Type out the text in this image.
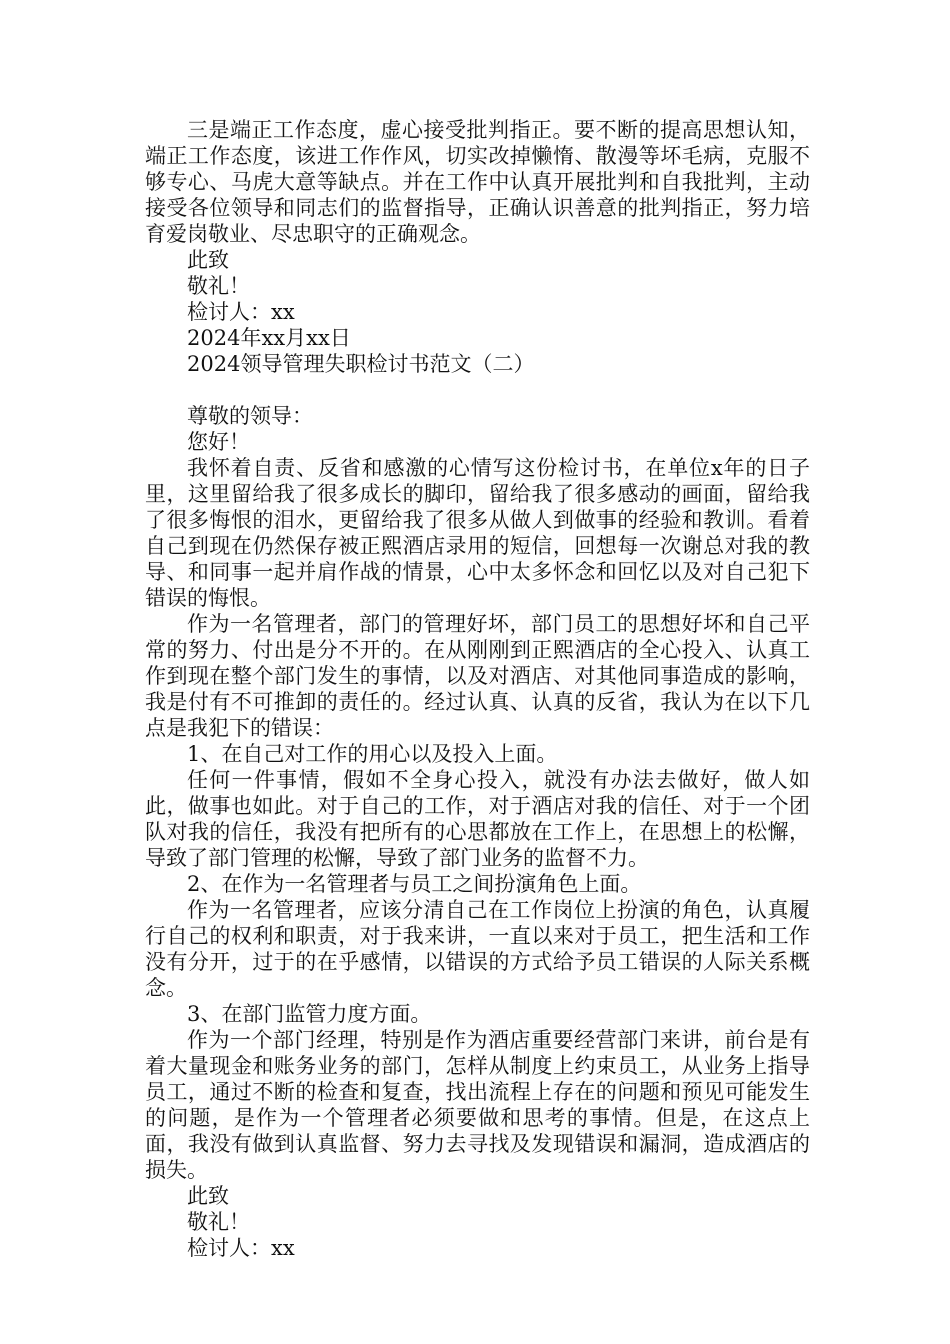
三是端正工作态度，虚心接受批判指正。要不断的提高思想认知，端正工作态度，该进工作作风，切实改掉懒惰、散漫等坏毛病，克服不够专心、马虎大意等缺点。并在工作中认真开展批判和自我批判，主动接受各位领导和同志们的监督指导，正确认识善意的批判指正，努力培育爱岗敬业、尽忠职守的正确观念。

此致

敬礼！

检讨人：xx

2024年xx月xx日

2024领导管理失职检讨书范文（二）

尊敬的领导：

您好！

我怀着自责、反省和感激的心情写这份检讨书，在单位x年的日子里，这里留给我了很多成长的脚印，留给我了很多感动的画面，留给我了很多悔恨的泪水，更留给我了很多从做人到做事的经验和教训。看着自己到现在仍然保存被正熙酒店录用的短信，回想每一次谢总对我的教导、和同事一起并肩作战的情景，心中太多怀念和回忆以及对自己犯下错误的悔恨。

作为一名管理者，部门的管理好坏，部门员工的思想好坏和自己平常的努力、付出是分不开的。在从刚刚到正熙酒店的全心投入、认真工作到现在整个部门发生的事情，以及对酒店、对其他同事造成的影响，我是付有不可推卸的责任的。经过认真、认真的反省，我认为在以下几点是我犯下的错误：

1、在自己对工作的用心以及投入上面。

任何一件事情，假如不全身心投入，就没有办法去做好，做人如此，做事也如此。对于自己的工作，对于酒店对我的信任、对于一个团队对我的信任，我没有把所有的心思都放在工作上，在思想上的松懈，导致了部门管理的松懈，导致了部门业务的监督不力。

2、在作为一名管理者与员工之间扮演角色上面。

作为一名管理者，应该分清自己在工作岗位上扮演的角色，认真履行自己的权利和职责，对于我来讲，一直以来对于员工，把生活和工作没有分开，过于的在乎感情，以错误的方式给予员工错误的人际关系概念。

3、在部门监管力度方面。

作为一个部门经理，特别是作为酒店重要经营部门来讲，前台是有着大量现金和账务业务的部门，怎样从制度上约束员工，从业务上指导员工，通过不断的检查和复查，找出流程上存在的问题和预见可能发生的问题，是作为一个管理者必须要做和思考的事情。但是，在这点上面，我没有做到认真监督、努力去寻找及发现错误和漏洞，造成酒店的损失。

此致

敬礼！

检讨人：xx
